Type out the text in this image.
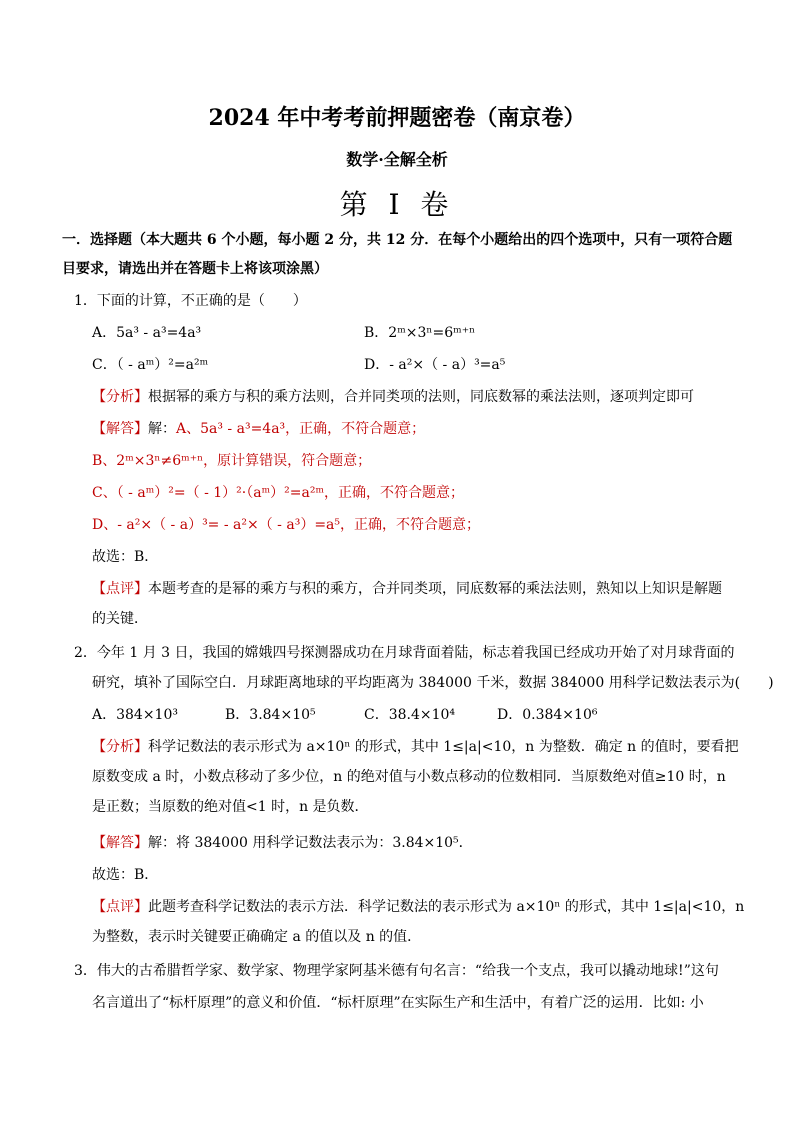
2024 年中考考前押题密卷（南京卷）
数学·全解全析
第 I 卷
一．选择题（本大题共 6 个小题，每小题 2 分，共 12 分．在每个小题给出的四个选项中，只有一项符合题
目要求，请选出并在答题卡上将该项涂黑）
1．下面的计算，不正确的是（　　）
A．5a³ - a³=4a³	B．2ᵐ×3ⁿ=6ᵐ⁺ⁿ
C．（ - aᵐ）²=a²ᵐ	D．- a²×（ - a）³=a⁵
【分析】根据幂的乘方与积的乘方法则，合并同类项的法则，同底数幂的乘法法则，逐项判定即可
【解答】解：A、5a³ - a³=4a³，正确，不符合题意；
B、2ᵐ×3ⁿ≠6ᵐ⁺ⁿ，原计算错误，符合题意；
C、（ - aᵐ）²=（ - 1）²·（aᵐ）²=a²ᵐ，正确，不符合题意；
D、- a²×（ - a）³= - a²×（ - a³）=a⁵，正确，不符合题意；
故选：B．
【点评】本题考查的是幂的乘方与积的乘方，合并同类项，同底数幂的乘法法则，熟知以上知识是解题
的关键．
2．今年 1 月 3 日，我国的嫦娥四号探测器成功在月球背面着陆，标志着我国已经成功开始了对月球背面的
研究，填补了国际空白．月球距离地球的平均距离为 384000 千米，数据 384000 用科学记数法表示为(　　)
A．384×10³	B．3.84×10⁵	C．38.4×10⁴	D．0.384×10⁶
【分析】科学记数法的表示形式为 a×10ⁿ 的形式，其中 1≤|a|<10，n 为整数．确定 n 的值时，要看把
原数变成 a 时，小数点移动了多少位，n 的绝对值与小数点移动的位数相同．当原数绝对值≥10 时，n
是正数；当原数的绝对值<1 时，n 是负数．
【解答】解：将 384000 用科学记数法表示为：3.84×10⁵．
故选：B．
【点评】此题考查科学记数法的表示方法．科学记数法的表示形式为 a×10ⁿ 的形式，其中 1≤|a|<10，n
为整数，表示时关键要正确确定 a 的值以及 n 的值．
3．伟大的古希腊哲学家、数学家、物理学家阿基米德有句名言：“给我一个支点，我可以撬动地球!”这句
名言道出了“标杆原理”的意义和价值．“标杆原理”在实际生产和生活中，有着广泛的运用．比如: 小
